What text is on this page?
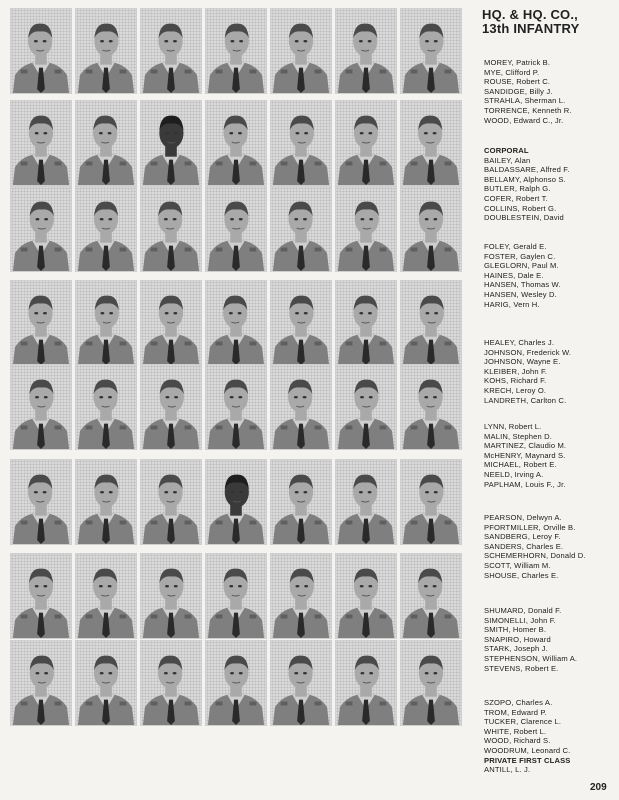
HQ. & HQ. CO.,
13th INFANTRY
MOREY, Patrick B.
MYE, Clifford P.
ROUSE, Robert C.
SANDIDGE, Billy J.
STRAHLA, Sherman L.
TORRENCE, Kenneth R.
WOOD, Edward C., Jr.
CORPORAL
BAILEY, Alan
BALDASSARE, Alfred F.
BELLAMY, Alphonso S.
BUTLER, Ralph G.
COFER, Robert T.
COLLINS, Robert G.
DOUBLESTEIN, David
FOLEY, Gerald E.
FOSTER, Gaylen C.
GLEGLORN, Paul M.
HAINES, Dale E.
HANSEN, Thomas W.
HANSEN, Wesley D.
HARIG, Vern H.
HEALEY, Charles J.
JOHNSON, Frederick W.
JOHNSON, Wayne E.
KLEIBER, John F.
KOHS, Richard F.
KRECH, Leroy O.
LANDRETH, Carlton C.
LYNN, Robert L.
MALIN, Stephen D.
MARTINEZ, Claudio M.
McHENRY, Maynard S.
MICHAEL, Robert E.
NEELD, Irving A.
PAPLHAM, Louis F., Jr.
PEARSON, Delwyn A.
PFORTMILLER, Orville B.
SANDBERG, Leroy F.
SANDERS, Charles E.
SCHEMERHORN, Donald D.
SCOTT, William M.
SHOUSE, Charles E.
SHUMARD, Donald F.
SIMONELLI, John F.
SMITH, Homer B.
SNAPIRO, Howard
STARK, Joseph J.
STEPHENSON, William A.
STEVENS, Robert E.
SZOPO, Charles A.
TROM, Edward P.
TUCKER, Clarence L.
WHITE, Robert L.
WOOD, Richard S.
WOODRUM, Leonard C.
PRIVATE FIRST CLASS
ANTILL, L. J.
209
